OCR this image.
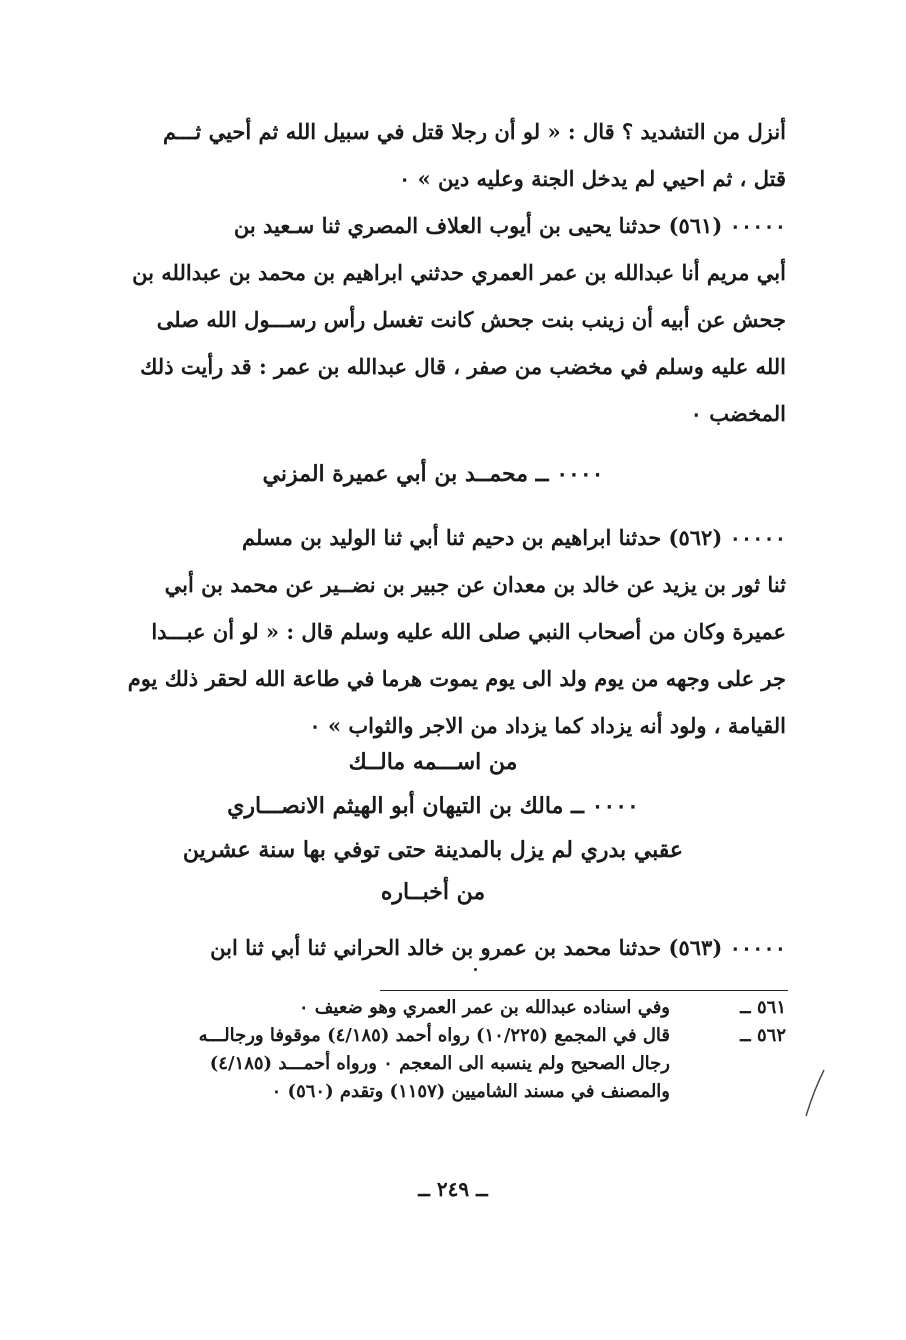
أنزل من التشديد ؟ قال : « لو أن رجلا قتل في سبيل الله ثم أحيي ثـــم
قتل ، ثم احيي لم يدخل الجنة وعليه دين » ٠
٠٠٠٠٠ (٥٦١) حدثنا يحيى بن أيوب العلاف المصري ثنا سـعيد بن
أبي مريم أنا عبدالله بن عمر العمري حدثني ابراهيم بن محمد بن عبدالله بن
جحش عن أبيه أن زينب بنت جحش كانت تغسل رأس رســـول الله صلى
الله عليه وسلم في مخضب من صفر ، قال عبدالله بن عمر : قد رأيت ذلك
المخضب ٠
٠٠٠٠ ــ محمــد بن أبي عميرة المزني
٠٠٠٠٠ (٥٦٢) حدثنا ابراهيم بن دحيم ثنا أبي ثنا الوليد بن مسلم
ثنا ثور بن يزيد عن خالد بن معدان عن جبير بن نضــير عن محمد بن أبي
عميرة وكان من أصحاب النبي صلى الله عليه وسلم قال : « لو أن عبـــدا
جر على وجهه من يوم ولد الى يوم يموت هرما في طاعة الله لحقر ذلك يوم
القيامة ، ولود أنه يزداد كما يزداد من الاجر والثواب » ٠
من اســـمه مالــك
٠٠٠٠ ــ مالك بن التيهان أبو الهيثم الانصـــاري
عقبي بدري لم يزل بالمدينة حتى توفي بها سنة عشرين
من أخبــاره
٠٠٠٠٠ (٥٦٣) حدثنا محمد بن عمرو بن خالد الحراني ثنا أبي ثنا ابن
٥٦١ ــ
وفي اسناده عبدالله بن عمر العمري وهو ضعيف ٠
٥٦٢ ــ
قال في المجمع (١٠/٢٢٥) رواه أحمد (٤/١٨٥) موقوفا ورجالـــه
رجال الصحيح ولم ينسبه الى المعجم ٠ ورواه أحمـــد (٤/١٨٥)
والمصنف في مسند الشاميين (١١٥٧) وتقدم (٥٦٠) ٠
ــ ٢٤٩ ــ
